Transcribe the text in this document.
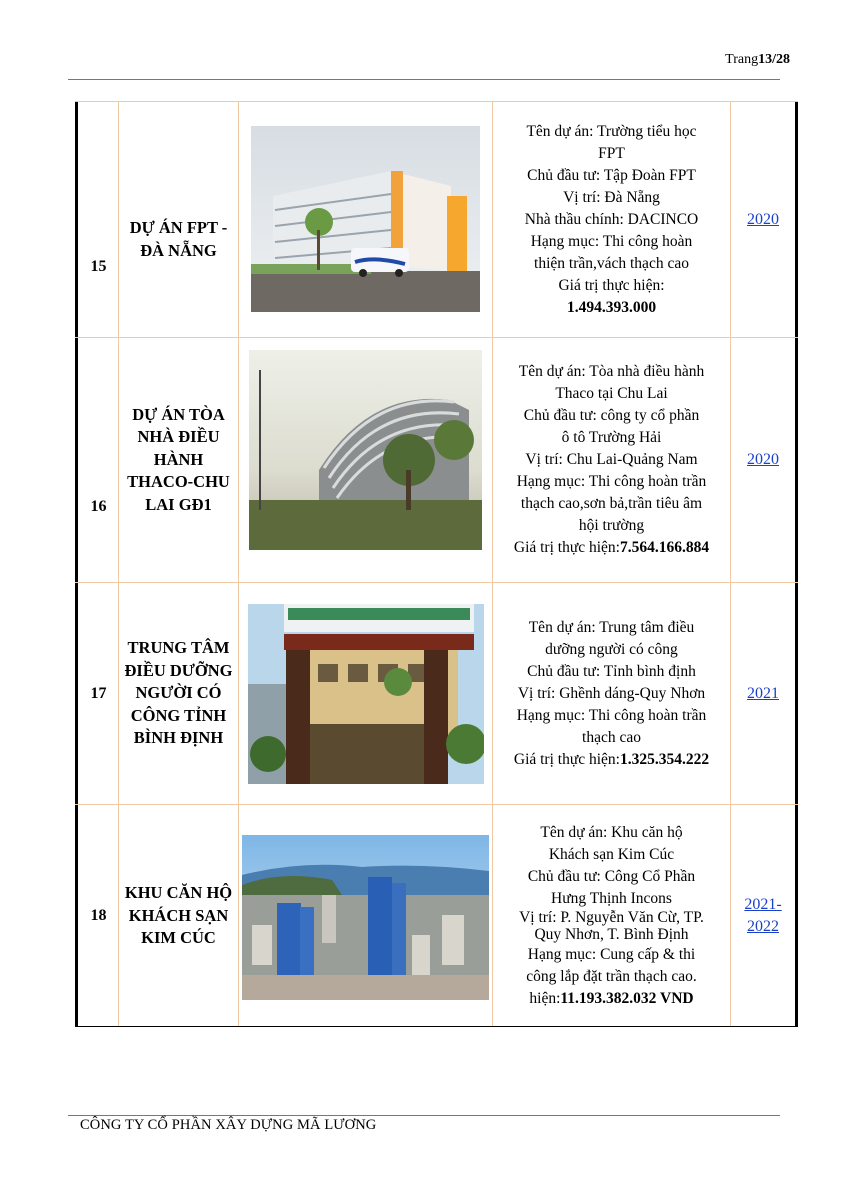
Trang13/28
15
DỰ ÁN FPT - ĐÀ NẴNG
Tên dự án: Trường tiểu học
FPT
Chủ đầu tư: Tập Đoàn FPT
Vị trí: Đà Nẵng
Nhà thầu chính: DACINCO
Hạng mục: Thi công hoàn
thiện trần,vách thạch cao
Giá trị thực hiện:
1.494.393.000
2020
16
DỰ ÁN TÒA NHÀ ĐIỀU HÀNH THACO-CHU LAI GĐ1
Tên dự án: Tòa nhà điều hành
Thaco tại Chu Lai
Chủ đầu tư: công ty cổ phần
ô tô Trường Hải
Vị trí: Chu Lai-Quảng Nam
Hạng mục: Thi công hoàn trần
thạch cao,sơn bả,trần tiêu âm
hội trường
Giá trị thực hiện:7.564.166.884
2020
17
TRUNG TÂM ĐIỀU DƯỠNG NGƯỜI CÓ CÔNG TỈNH BÌNH ĐỊNH
Tên dự án: Trung tâm điều
dưỡng người có công
Chủ đầu tư: Tỉnh bình định
Vị trí: Ghềnh dáng-Quy Nhơn
Hạng mục: Thi công hoàn trần
thạch cao
Giá trị thực hiện:1.325.354.222
2021
18
KHU CĂN HỘ KHÁCH SẠN KIM CÚC
Tên dự án: Khu căn hộ
Khách sạn Kim Cúc
Chủ đầu tư: Công Cổ Phần
Hưng Thịnh Incons
Vị trí: P. Nguyễn Văn Cừ, TP.
Quy Nhơn, T. Bình Định
Hạng mục: Cung cấp & thi
công lắp đặt trần thạch cao.
hiện:11.193.382.032 VND
2021-2022
CÔNG TY CỔ PHẦN XÂY DỰNG MÃ LƯƠNG
